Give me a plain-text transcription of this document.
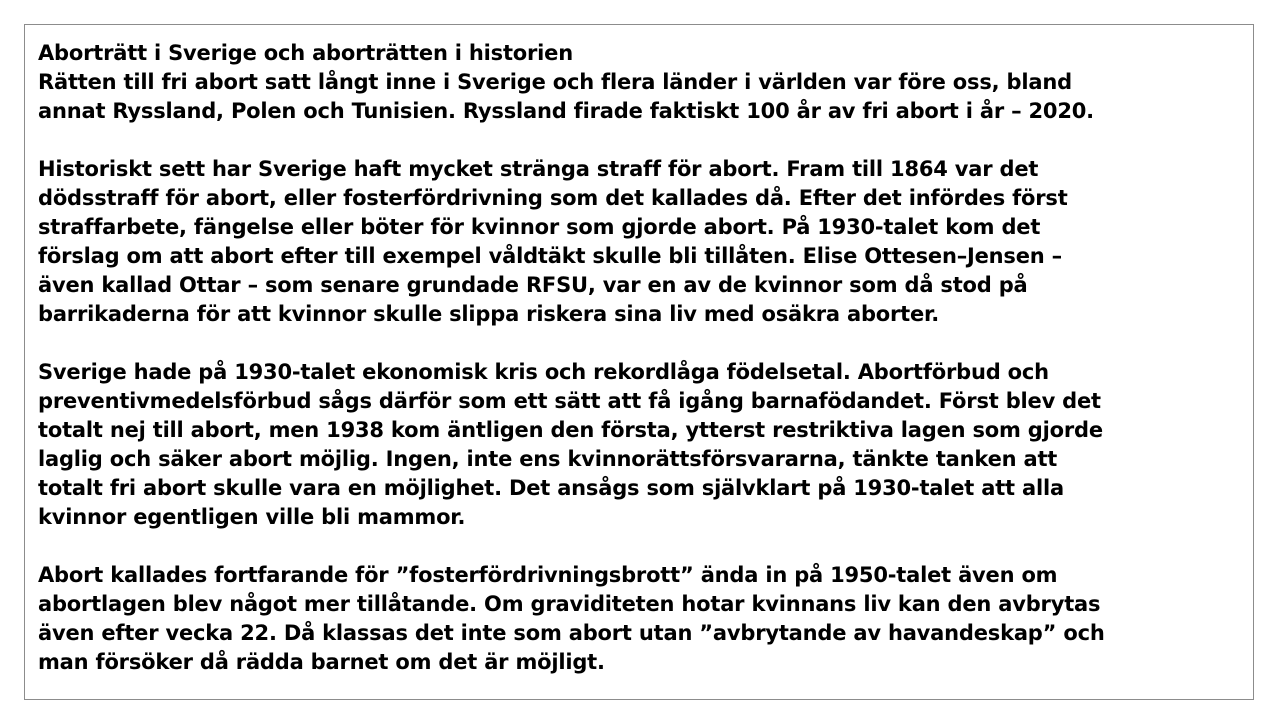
Aborträtt i Sverige och aborträtten i historien
Rätten till fri abort satt långt inne i Sverige och flera länder i världen var före oss, bland
annat Ryssland, Polen och Tunisien. Ryssland firade faktiskt 100 år av fri abort i år – 2020.
Historiskt sett har Sverige haft mycket stränga straff för abort. Fram till 1864 var det
dödsstraff för abort, eller fosterfördrivning som det kallades då. Efter det infördes först
straffarbete, fängelse eller böter för kvinnor som gjorde abort. På 1930-talet kom det
förslag om att abort efter till exempel våldtäkt skulle bli tillåten. Elise Ottesen–Jensen –
även kallad Ottar – som senare grundade RFSU, var en av de kvinnor som då stod på
barrikaderna för att kvinnor skulle slippa riskera sina liv med osäkra aborter.
Sverige hade på 1930-talet ekonomisk kris och rekordlåga födelsetal. Abortförbud och
preventivmedelsförbud sågs därför som ett sätt att få igång barnafödandet. Först blev det
totalt nej till abort, men 1938 kom äntligen den första, ytterst restriktiva lagen som gjorde
laglig och säker abort möjlig. Ingen, inte ens kvinnorättsförsvararna, tänkte tanken att
totalt fri abort skulle vara en möjlighet. Det ansågs som självklart på 1930-talet att alla
kvinnor egentligen ville bli mammor.
Abort kallades fortfarande för ”fosterfördrivningsbrott” ända in på 1950-talet även om
abortlagen blev något mer tillåtande. Om graviditeten hotar kvinnans liv kan den avbrytas
även efter vecka 22. Då klassas det inte som abort utan ”avbrytande av havandeskap” och
man försöker då rädda barnet om det är möjligt.
